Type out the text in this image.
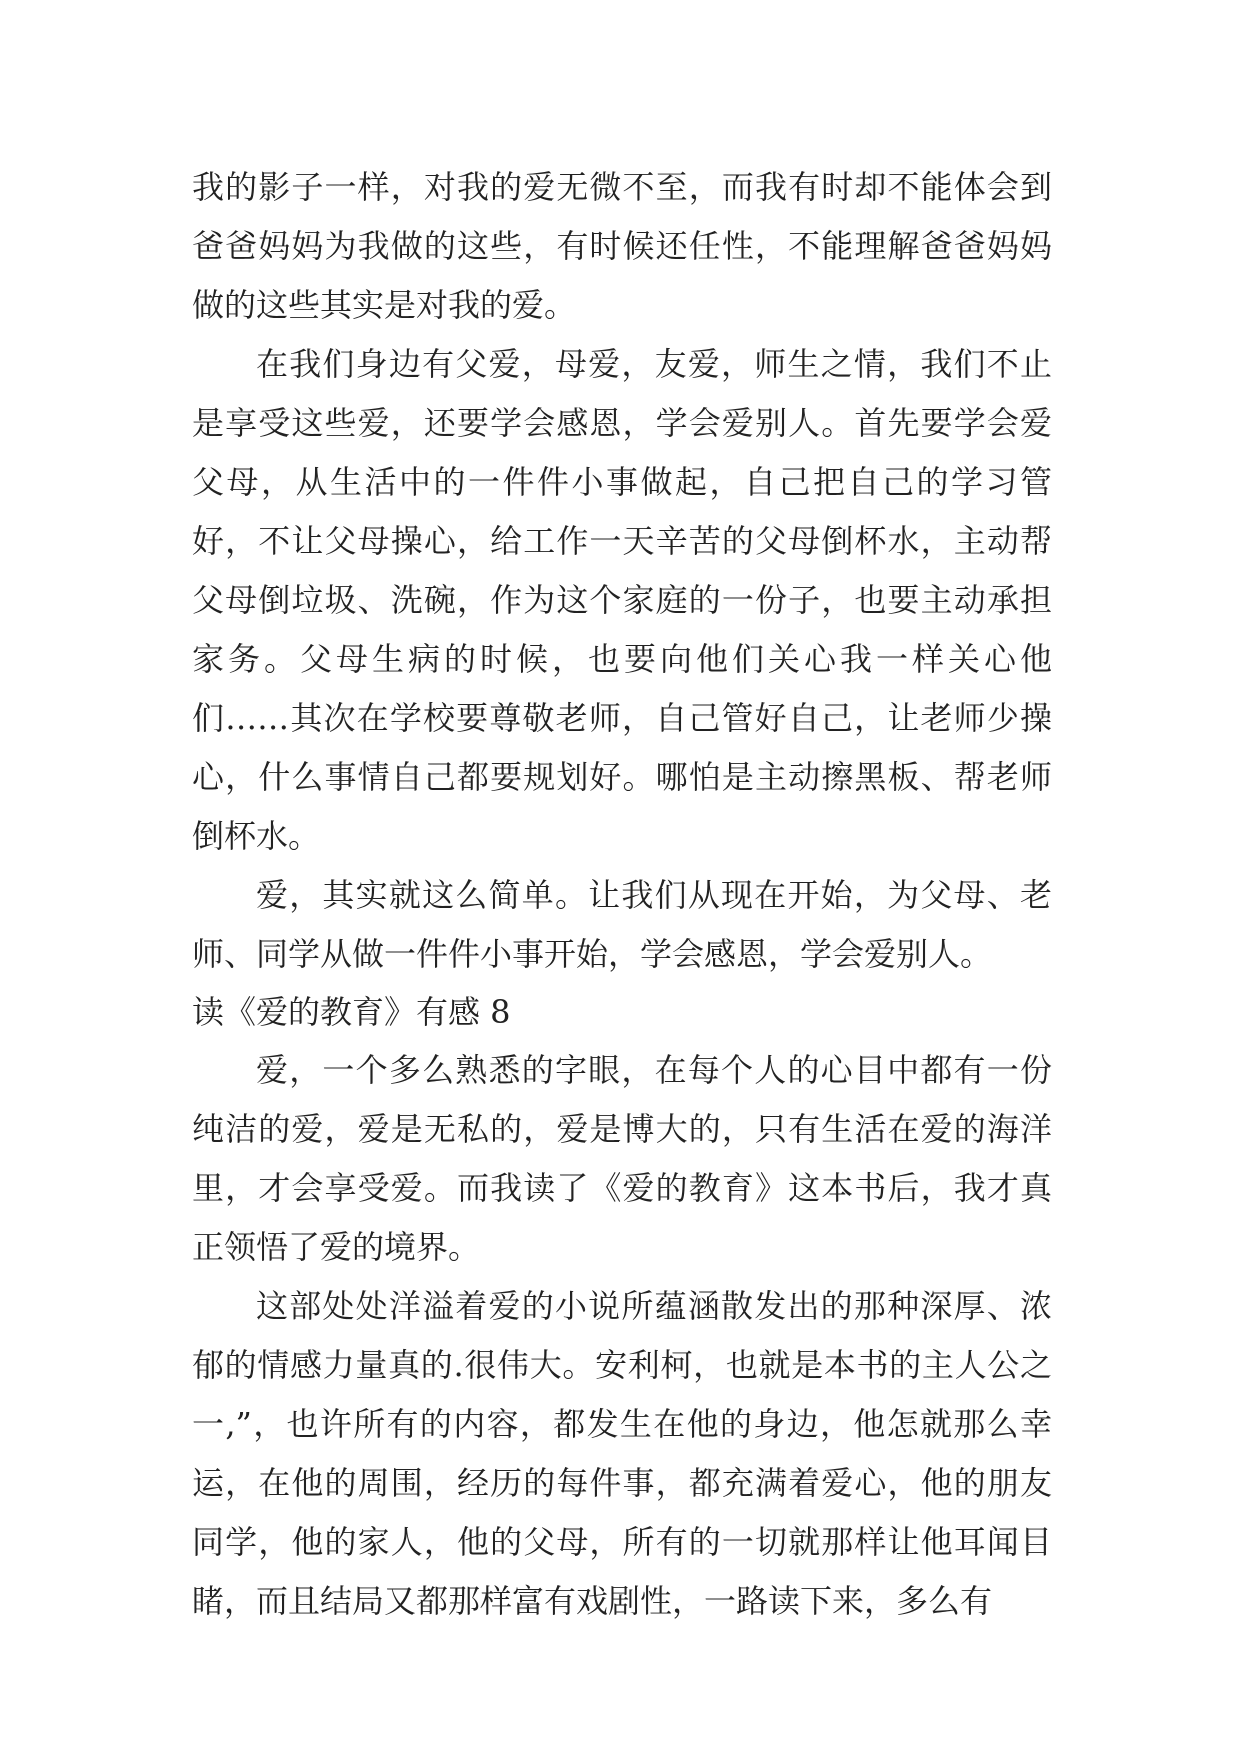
我的影子一样，对我的爱无微不至，而我有时却不能体会到爸爸妈妈为我做的这些，有时候还任性，不能理解爸爸妈妈做的这些其实是对我的爱。

在我们身边有父爱，母爱，友爱，师生之情，我们不止是享受这些爱，还要学会感恩，学会爱别人。首先要学会爱父母，从生活中的一件件小事做起，自己把自己的学习管好，不让父母操心，给工作一天辛苦的父母倒杯水，主动帮父母倒垃圾、洗碗，作为这个家庭的一份子，也要主动承担家务。父母生病的时候，也要向他们关心我一样关心他们……其次在学校要尊敬老师，自己管好自己，让老师少操心，什么事情自己都要规划好。哪怕是主动擦黑板、帮老师倒杯水。

爱，其实就这么简单。让我们从现在开始，为父母、老师、同学从做一件件小事开始，学会感恩，学会爱别人。

读《爱的教育》有感 8

爱，一个多么熟悉的字眼，在每个人的心目中都有一份纯洁的爱，爱是无私的，爱是博大的，只有生活在爱的海洋里，才会享受爱。而我读了《爱的教育》这本书后，我才真正领悟了爱的境界。

这部处处洋溢着爱的小说所蕴涵散发出的那种深厚、浓郁的情感力量真的.很伟大。安利柯，也就是本书的主人公之一,”，也许所有的内容，都发生在他的身边，他怎就那么幸运，在他的周围，经历的每件事，都充满着爱心，他的朋友同学，他的家人，他的父母，所有的一切就那样让他耳闻目睹，而且结局又都那样富有戏剧性，一路读下来，多么有
